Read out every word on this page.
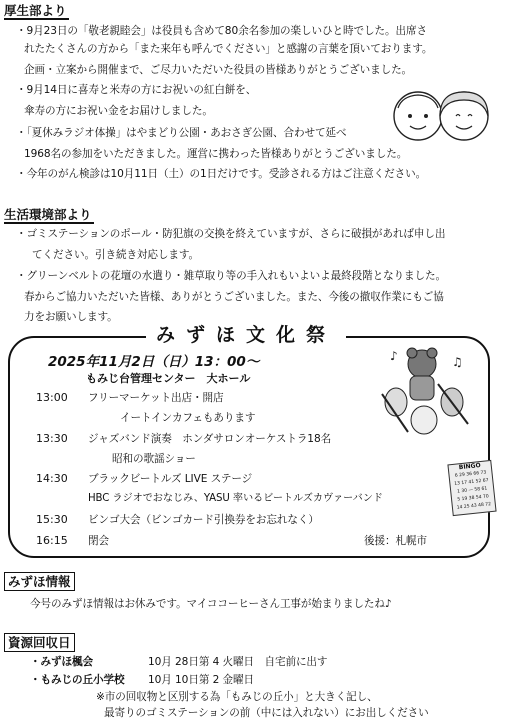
厚生部より
・9月23日の「敬老親睦会」は役員も含めて80余名参加の楽しいひと時でした。出席さ
れたたくさんの方から「また来年も呼んでください」と感謝の言葉を頂いております。
企画・立案から開催まで、ご尽力いただいた役員の皆様ありがとうございました。
・9月14日に喜寿と米寿の方にお祝いの紅白餅を、
傘寿の方にお祝い金をお届けしました。
・「夏休みラジオ体操」はやまどり公園・あおさぎ公園、合わせて延べ
1968名の参加をいただきました。運営に携わった皆様ありがとうございました。
・今年のがん検診は10月11日（土）の1日だけです。受診される方はご注意ください。
生活環境部より
・ゴミステーションのポール・防犯旗の交換を終えていますが、さらに破損があれば申し出
てください。引き続き対応します。
・グリーンベルトの花壇の水遣り・雑草取り等の手入れもいよいよ最終段階となりました。
春からご協力いただいた皆様、ありがとうございました。また、今後の撤収作業にもご協
力をお願いします。
みずほ文化祭
2025年11月2日（日）13：00～
もみじ台管理センター　大ホール
13:00 フリーマーケット出店・開店
イートインカフェもあります
13:30 ジャズバンド演奏　ホンダサロンオーケストラ18名
昭和の歌謡ショー
14:30 ブラックビートルズ LIVE ステージ
HBC ラジオでおなじみ、YASU 率いるビートルズカヴァーバンド
15:30 ビンゴ大会（ビンゴカード引換券をお忘れなく）
16:15 閉会	後援：札幌市
♪	♫
BINGO
6 29 36 66 73
13 17 41 52 67
1 30 — 58 61
5 19 38 54 70
14 25 43 48 72
みずほ情報
今号のみずほ情報はお休みです。マイココーヒーさん工事が始まりましたね♪
資源回収日
・みずほ楓会	10月 28日第 4 火曜日　自宅前に出す
・もみじの丘小学校 10月 10日第 2 金曜日
※市の回収物と区別する為「もみじの丘小」と大きく記し、
最寄りのゴミステーションの前（中には入れない）にお出しください
